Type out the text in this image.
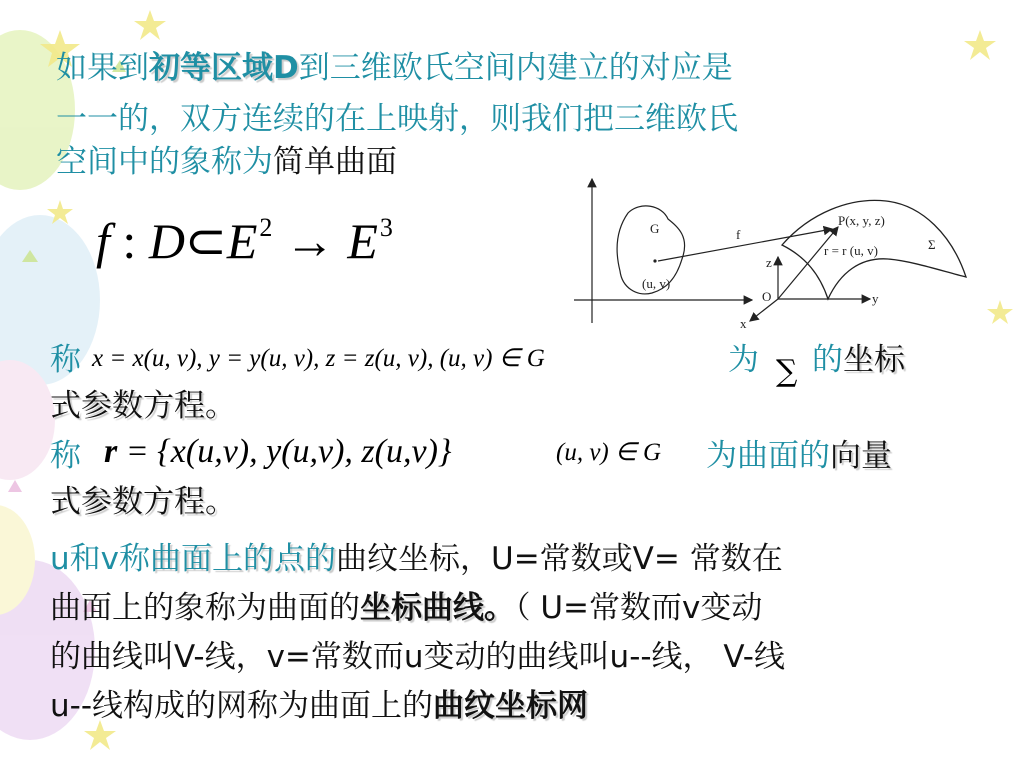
如果到初等区域D到三维欧氏空间内建立的对应是
一一的，双方连续的在上映射，则我们把三维欧氏
空间中的象称为简单曲面
f : $D\subset E^2 \to E^3$	G
(u, v)
f
P(x, y, z)
r = r (u, v)	Σ
z
O	y
x
称 x = x(u, v), y = y(u, v), z = z(u, v), (u, v) ∈ G	为 ∑ 的坐标
式参数方程。
称 r = {x(u,v), y(u,v), z(u,v)}	(u, v) ∈ G 为曲面的向量
式参数方程。
u和v称曲面上的点的曲纹坐标，U=常数或V= 常数在
曲面上的象称为曲面的坐标曲线。（ U=常数而v变动
的曲线叫V-线，v=常数而u变动的曲线叫u--线， V-线
u--线构成的网称为曲面上的曲纹坐标网
